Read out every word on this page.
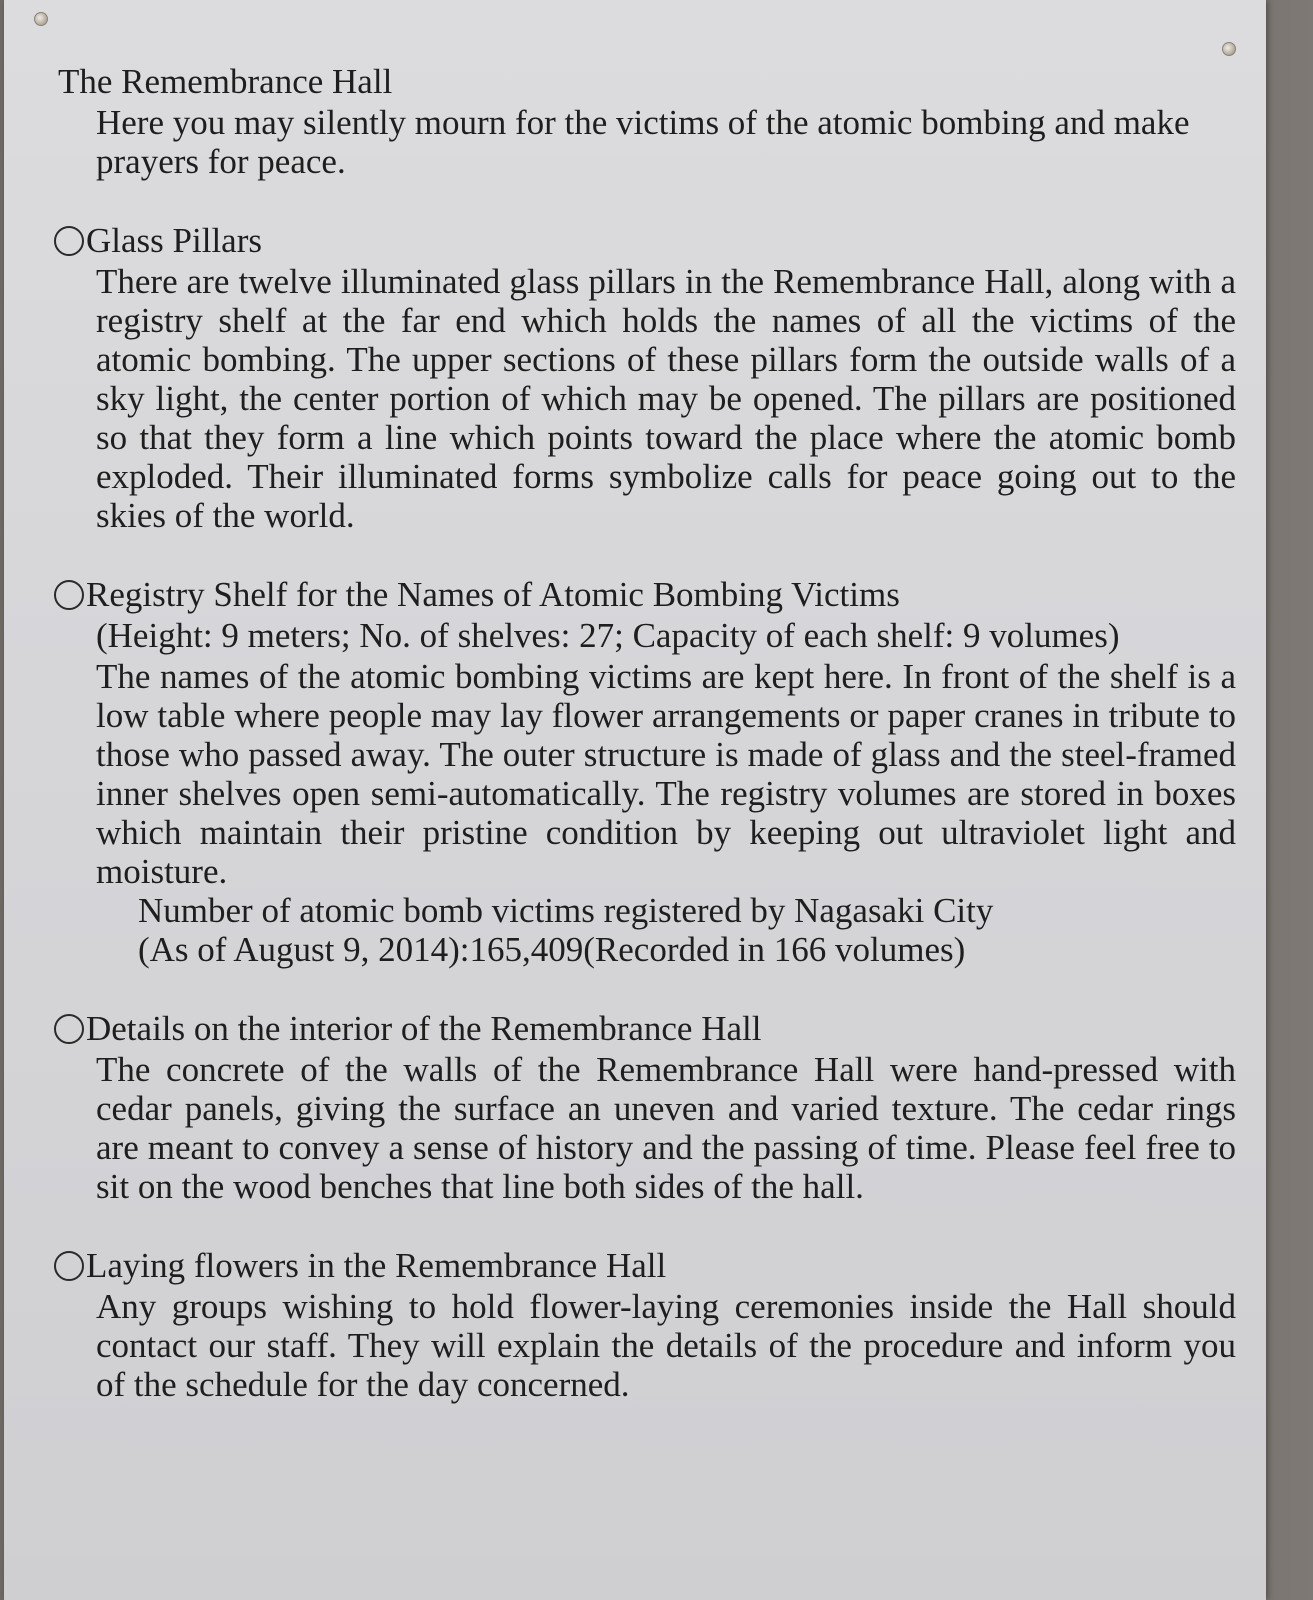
The Remembrance Hall
Here you may silently mourn for the victims of the atomic bombing and make prayers for peace.
Glass Pillars
There are twelve illuminated glass pillars in the Remembrance Hall, along with a registry shelf at the far end which holds the names of all the victims of the atomic bombing. The upper sections of these pillars form the outside walls of a sky light, the center portion of which may be opened. The pillars are positioned so that they form a line which points toward the place where the atomic bomb exploded. Their illuminated forms symbolize calls for peace going out to the skies of the world.
Registry Shelf for the Names of Atomic Bombing Victims
(Height: 9 meters; No. of shelves: 27; Capacity of each shelf: 9 volumes)
The names of the atomic bombing victims are kept here. In front of the shelf is a low table where people may lay flower arrangements or paper cranes in tribute to those who passed away. The outer structure is made of glass and the steel-framed inner shelves open semi-automatically. The registry volumes are stored in boxes which maintain their pristine condition by keeping out ultraviolet light and moisture.
Number of atomic bomb victims registered by Nagasaki City
(As of August 9, 2014):165,409(Recorded in 166 volumes)
Details on the interior of the Remembrance Hall
The concrete of the walls of the Remembrance Hall were hand-pressed with cedar panels, giving the surface an uneven and varied texture. The cedar rings are meant to convey a sense of history and the passing of time. Please feel free to sit on the wood benches that line both sides of the hall.
Laying flowers in the Remembrance Hall
Any groups wishing to hold flower-laying ceremonies inside the Hall should contact our staff. They will explain the details of the procedure and inform you of the schedule for the day concerned.
